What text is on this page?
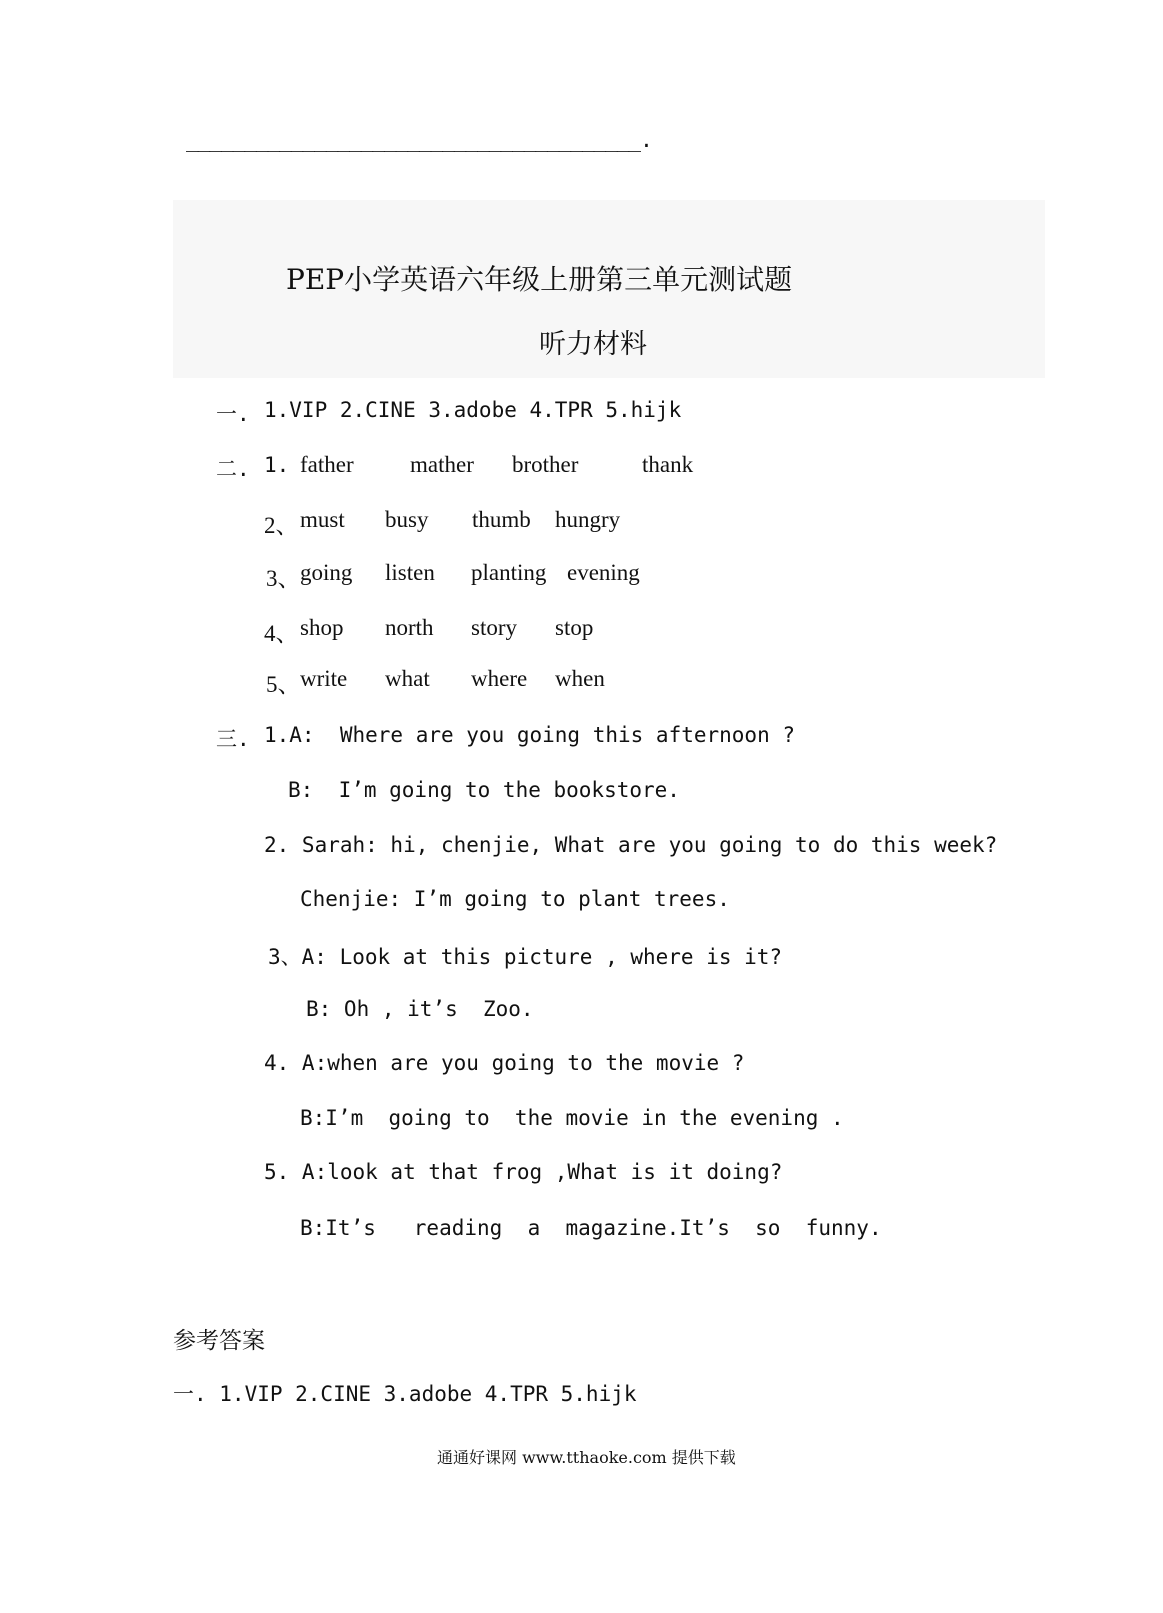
_______________________________________.
PEP小学英语六年级上册第三单元测试题
听力材料
一. 1.VIP 2.CINE 3.adobe 4.TPR 5.hijk
二. 1. father mather brother	thank
2、 must busy thumb hungry
3、 going listen planting evening
4、 shop north story stop
5、 write what where when
三. 1.A:  Where are you going this afternoon ?
B:  I’m going to the bookstore.
2. Sarah: hi, chenjie, What are you going to do this week?
Chenjie: I’m going to plant trees.
3、A: Look at this picture , where is it?
B: Oh , it’s  Zoo.
4. A:when are you going to the movie ?
B:I’m  going to  the movie in the evening .
5. A:look at that frog ,What is it doing?
B:It’s   reading  a  magazine.It’s  so  funny.
参考答案
一. 1.VIP 2.CINE 3.adobe 4.TPR 5.hijk
通通好课网 www.tthaoke.com 提供下载
